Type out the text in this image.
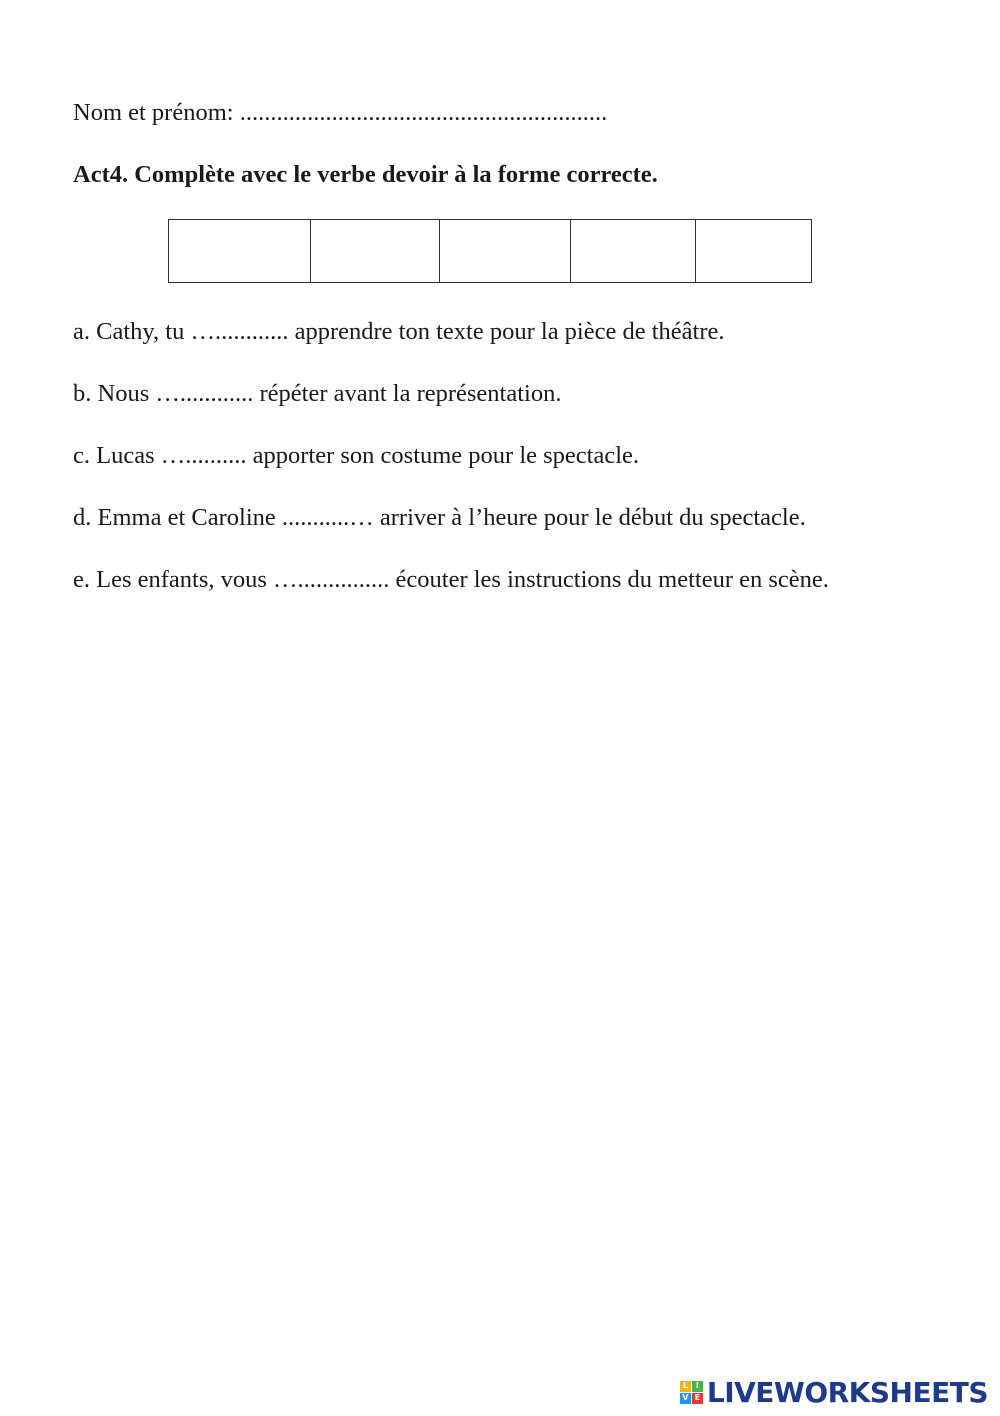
Nom et prénom: ............................................................
Act4. Complète avec le verbe devoir à la forme correcte.
a. Cathy, tu …............ apprendre ton texte pour la pièce de théâtre.
b. Nous …............ répéter avant la représentation.
c. Lucas ….......... apporter son costume pour le spectacle.
d. Emma et Caroline ...........… arriver à l’heure pour le début du spectacle.
e. Les enfants, vous …............... écouter les instructions du metteur en scène.
L I
V E LIVEWORKSHEETS
